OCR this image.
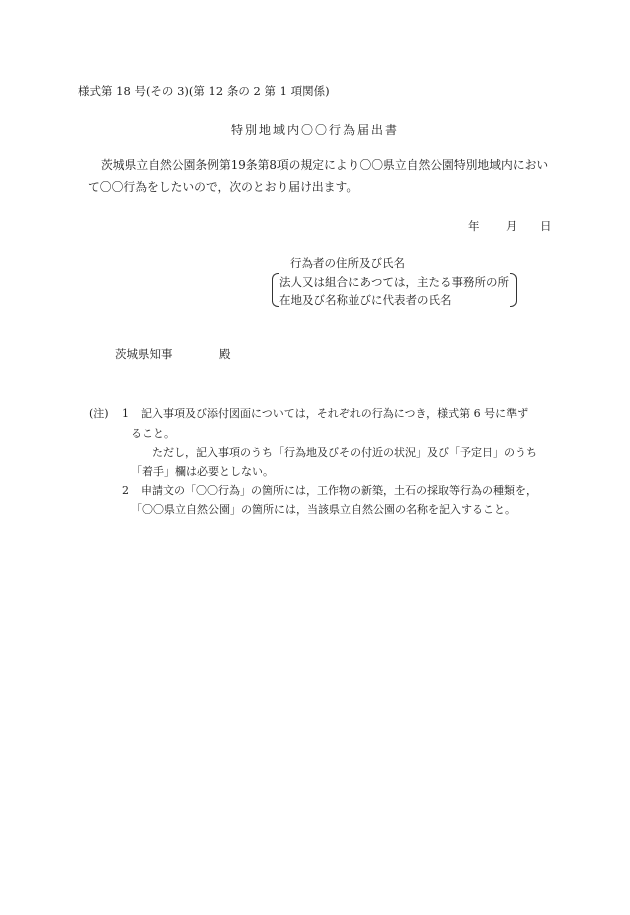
様式第 18 号(その 3)(第 12 条の 2 第 1 項関係)
特別地域内〇〇行為届出書
茨城県立自然公園条例第19条第8項の規定により〇〇県立自然公園特別地域内におい
て〇〇行為をしたいので，次のとおり届け出ます。
年 月 日
行為者の住所及び氏名
法人又は組合にあつては，主たる事務所の所
在地及び名称並びに代表者の氏名
茨城県知事	殿
(注) 1 記入事項及び添付図面については，それぞれの行為につき，様式第 6 号に準ず
ること。
ただし，記入事項のうち「行為地及びその付近の状況」及び「予定日」のうち
「着手」欄は必要としない。
2 申請文の「〇〇行為」の箇所には，工作物の新築，土石の採取等行為の種類を，
「〇〇県立自然公園」の箇所には，当該県立自然公園の名称を記入すること。
